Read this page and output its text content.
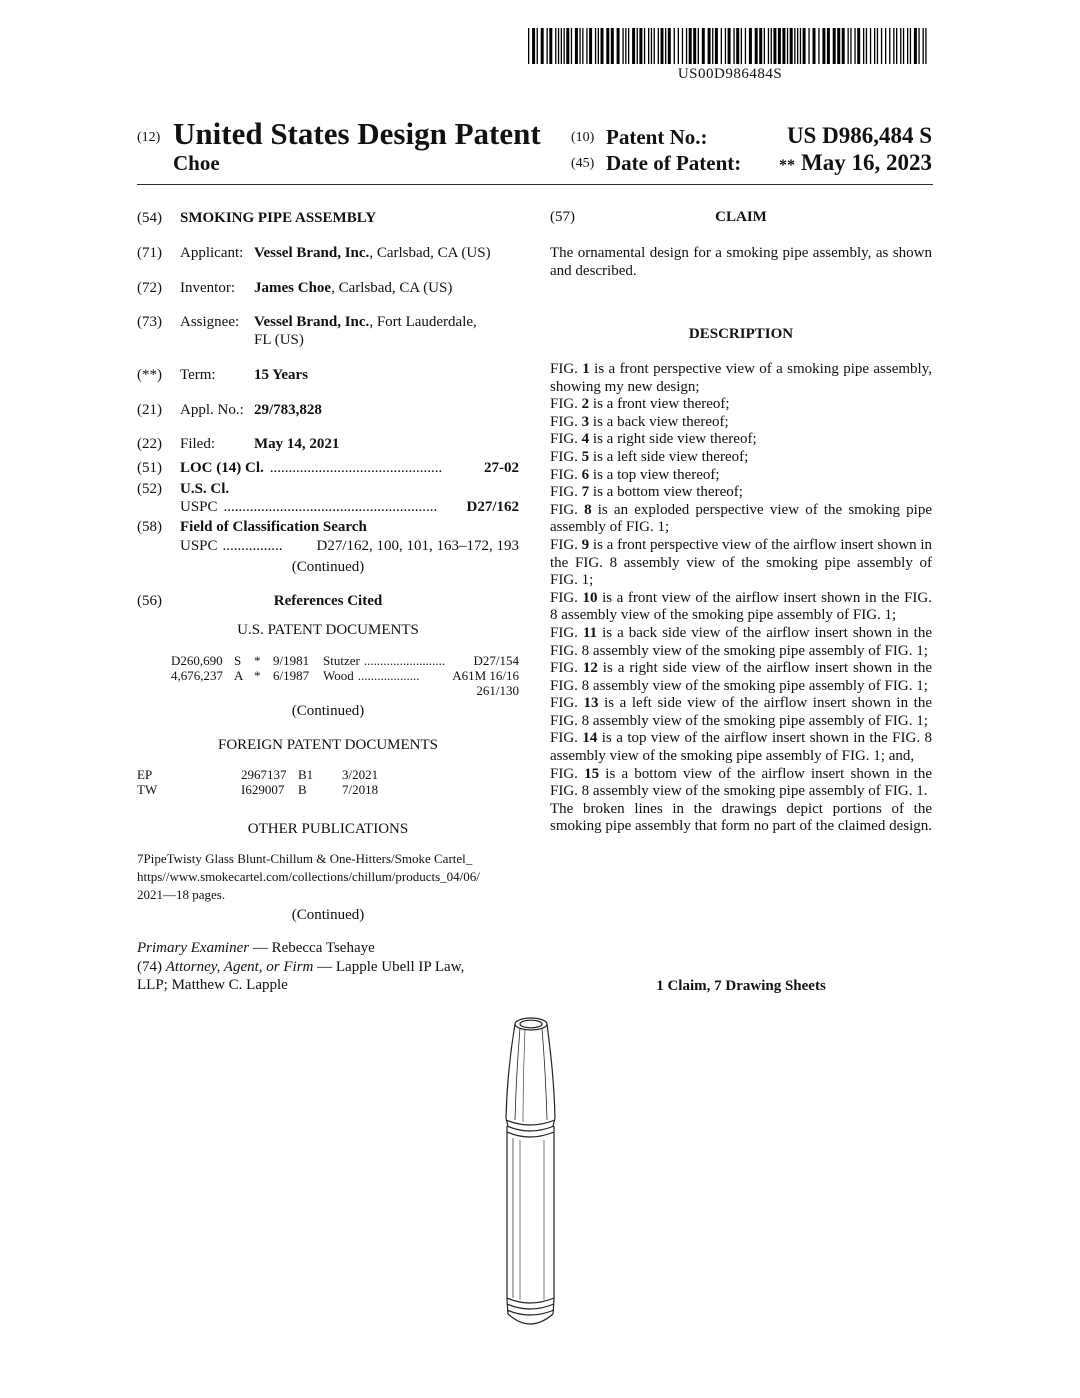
US00D986484S
(12) United States Design Patent
Choe
(10) Patent No.:	US D986,484 S
(45) Date of Patent: ** May 16, 2023
(54) SMOKING PIPE ASSEMBLY
(71) Applicant: Vessel Brand, Inc., Carlsbad, CA (US)
(72) Inventor: James Choe, Carlsbad, CA (US)
(73) Assignee: Vessel Brand, Inc., Fort Lauderdale,
FL (US)
(**) Term:	15 Years
(21) Appl. No.: 29/783,828
(22) Filed:	May 14, 2021
(51) LOC (14) Cl. ..............................................	27-02
(52) U.S. Cl.
USPC .........................................................	D27/162
(58) Field of Classification Search
USPC ................	D27/162, 100, 101, 163–172, 193
(Continued)
(56)	References Cited
U.S. PATENT DOCUMENTS
D260,690 S * 9/1981	Stutzer .........................	D27/154
4,676,237 A * 6/1987	Wood ...................	A61M 16/16
261/130
(Continued)
FOREIGN PATENT DOCUMENTS
EP	2967137 B1	3/2021
TW	I629007	B	7/2018
OTHER PUBLICATIONS
7PipeTwisty Glass Blunt-Chillum & One-Hitters/Smoke Cartel_
https//www.smokecartel.com/collections/chillum/products_04/06/
2021—18 pages.
(Continued)
Primary Examiner — Rebecca Tsehaye
(74) Attorney, Agent, or Firm — Lapple Ubell IP Law,
LLP; Matthew C. Lapple
(57)	CLAIM
The ornamental design for a smoking pipe assembly, as shown and described.
DESCRIPTION

FIG. 1 is a front perspective view of a smoking pipe assembly, showing my new design;

FIG. 2 is a front view thereof;

FIG. 3 is a back view thereof;

FIG. 4 is a right side view thereof;

FIG. 5 is a left side view thereof;

FIG. 6 is a top view thereof;

FIG. 7 is a bottom view thereof;

FIG. 8 is an exploded perspective view of the smoking pipe assembly of FIG. 1;

FIG. 9 is a front perspective view of the airflow insert shown in the FIG. 8 assembly view of the smoking pipe assembly of FIG. 1;

FIG. 10 is a front view of the airflow insert shown in the FIG. 8 assembly view of the smoking pipe assembly of FIG. 1;

FIG. 11 is a back side view of the airflow insert shown in the FIG. 8 assembly view of the smoking pipe assembly of FIG. 1;

FIG. 12 is a right side view of the airflow insert shown in the FIG. 8 assembly view of the smoking pipe assembly of FIG. 1;

FIG. 13 is a left side view of the airflow insert shown in the FIG. 8 assembly view of the smoking pipe assembly of FIG. 1;

FIG. 14 is a top view of the airflow insert shown in the FIG. 8 assembly view of the smoking pipe assembly of FIG. 1; and,

FIG. 15 is a bottom view of the airflow insert shown in the FIG. 8 assembly view of the smoking pipe assembly of FIG. 1.

The broken lines in the drawings depict portions of the smoking pipe assembly that form no part of the claimed design.

1 Claim, 7 Drawing Sheets
